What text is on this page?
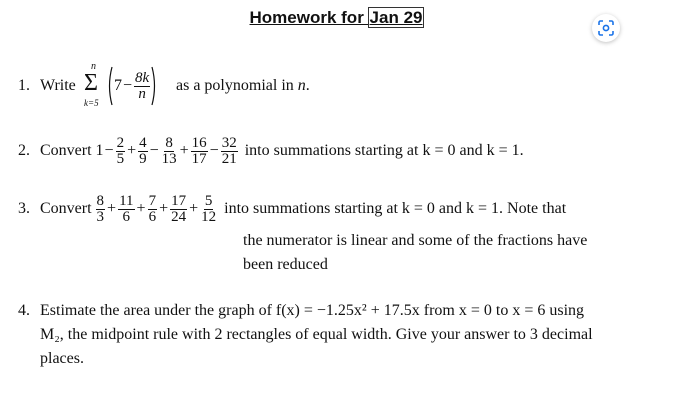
Homework for Jan 29
1. Write
n
Σ
k=5
$7 - \frac{8k}{n}$ as a polynomial in n.
2. Convert $1 - \frac{2}{5} + \frac{4}{9} - \frac{8}{13} + \frac{16}{17} - \frac{32}{21}$ into summations starting at k = 0 and k = 1.
3. Convert $\frac{8}{3} + \frac{11}{6} + \frac{7}{6} + \frac{17}{24} + \frac{5}{12}$ into summations starting at k = 0 and k = 1. Note that
the numerator is linear and some of the fractions have
been reduced
4. Estimate the area under the graph of f(x) = −1.25x² + 17.5x from x = 0 to x = 6 using
M₂, the midpoint rule with 2 rectangles of equal width. Give your answer to 3 decimal
places.
